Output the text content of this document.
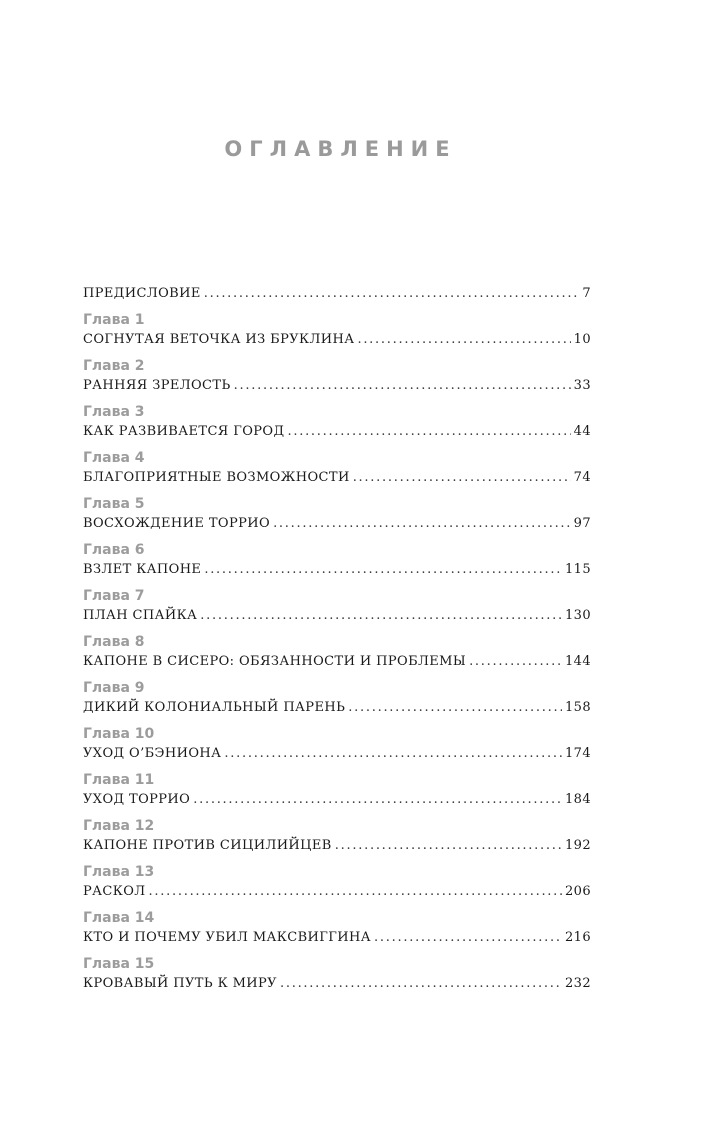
ОГЛАВЛЕНИЕ
ПРЕДИСЛОВИЕ . . .	7
Глава 1
СОГНУТАЯ ВЕТОЧКА ИЗ БРУКЛИНА . . .	10
Глава 2
РАННЯЯ ЗРЕЛОСТЬ . . .	33
Глава 3
КАК РАЗВИВАЕТСЯ ГОРОД . . .	44
Глава 4
БЛАГОПРИЯТНЫЕ ВОЗМОЖНОСТИ . . .	74
Глава 5
ВОСХОЖДЕНИЕ ТОРРИО . . .	97
Глава 6
ВЗЛЕТ КАПОНЕ . . .	115
Глава 7
ПЛАН СПАЙКА . . .	130
Глава 8
КАПОНЕ В СИСЕРО: ОБЯЗАННОСТИ И ПРОБЛЕМЫ . . .	144
Глава 9
ДИКИЙ КОЛОНИАЛЬНЫЙ ПАРЕНЬ . . .	158
Глава 10
УХОД О’БЭНИОНА . . .	174
Глава 11
УХОД ТОРРИО . . .	184
Глава 12
КАПОНЕ ПРОТИВ СИЦИЛИЙЦЕВ . . .	192
Глава 13
РАСКОЛ . . .	206
Глава 14
КТО И ПОЧЕМУ УБИЛ МАКСВИГГИНА . . .	216
Глава 15
КРОВАВЫЙ ПУТЬ К МИРУ . . .	232
